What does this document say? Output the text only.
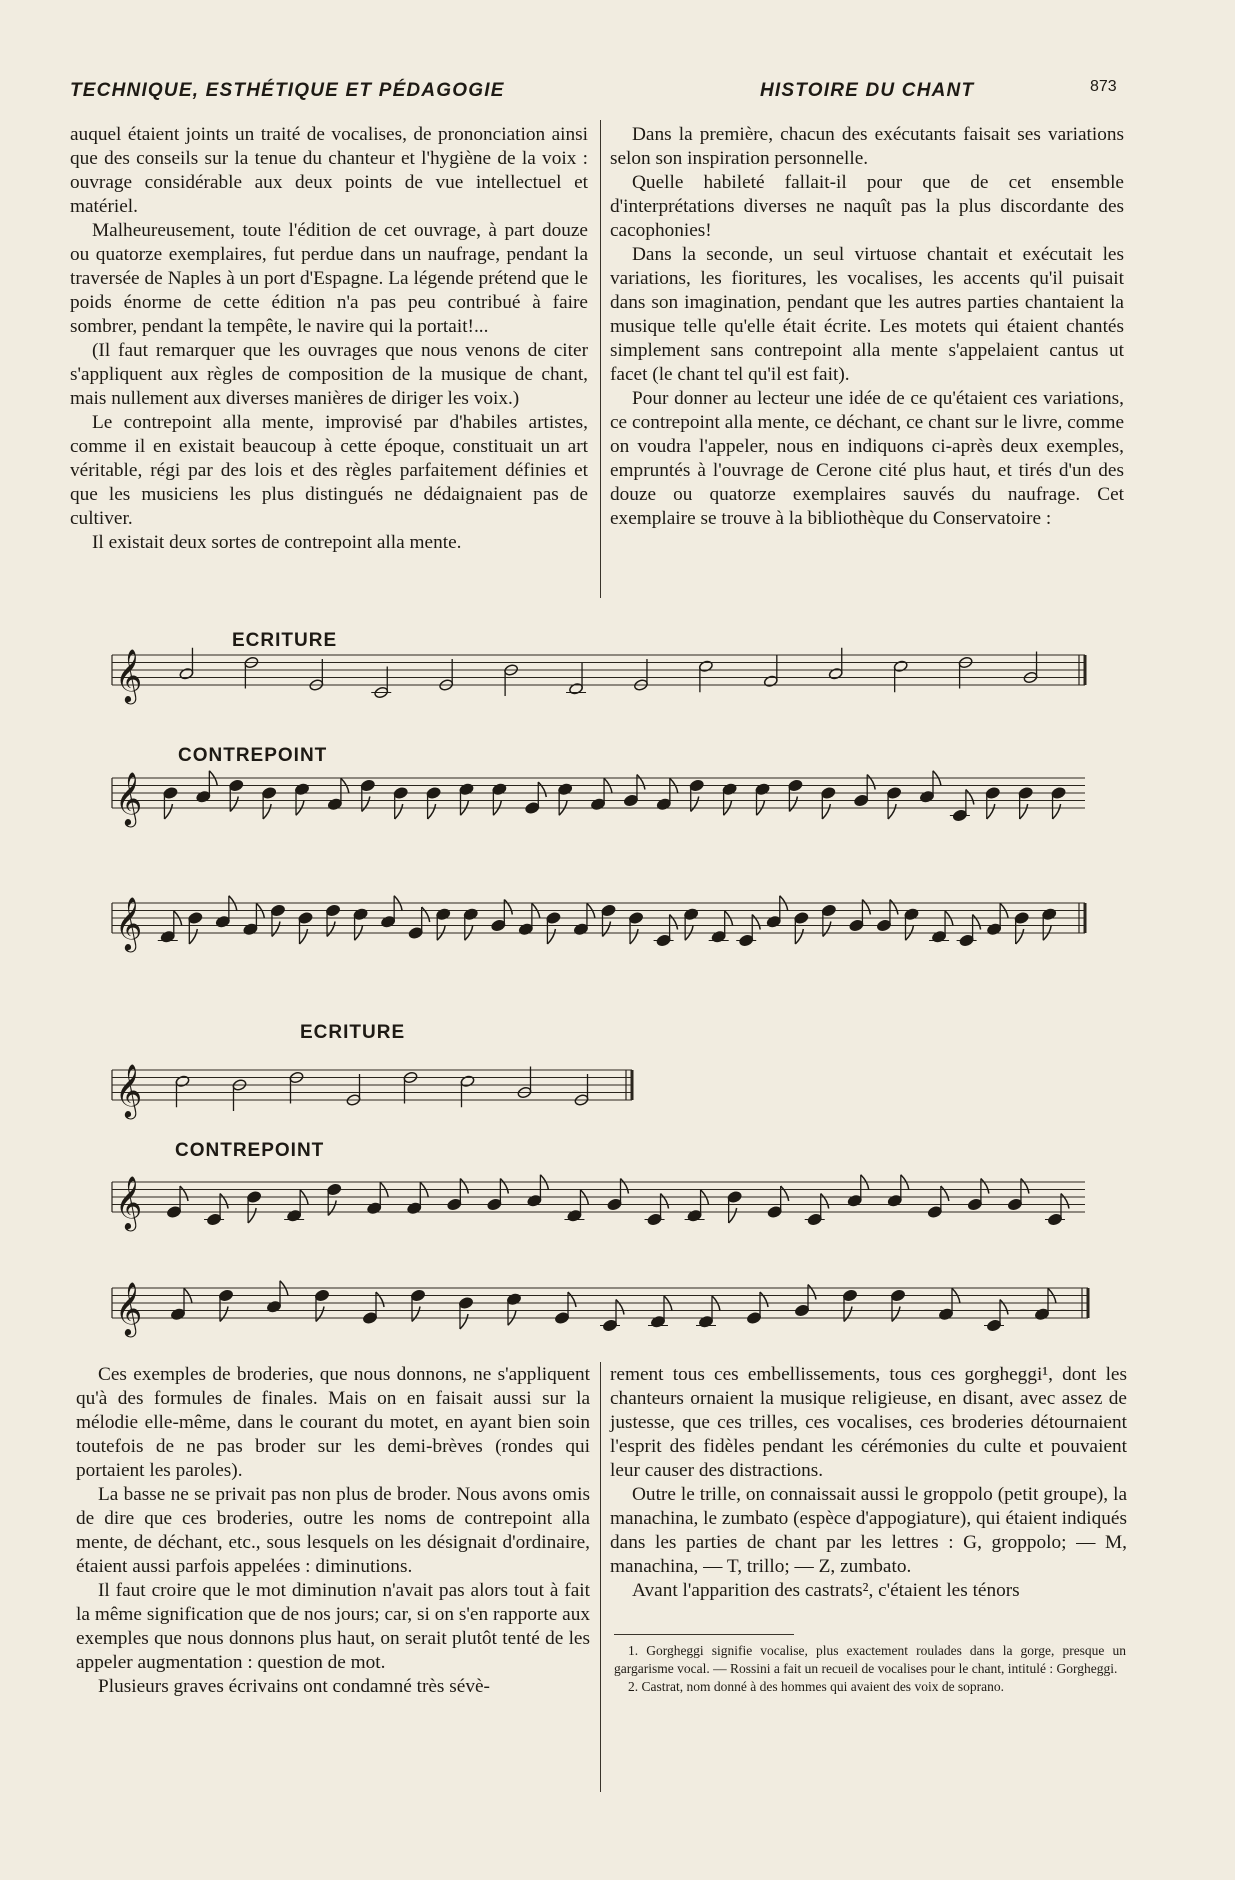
TECHNIQUE, ESTHÉTIQUE ET PÉDAGOGIE	HISTOIRE DU CHANT	873

auquel étaient joints un traité de vocalises, de prononciation ainsi que des conseils sur la tenue du chanteur et l'hygiène de la voix : ouvrage considérable aux deux points de vue intellectuel et matériel.

Malheureusement, toute l'édition de cet ouvrage, à part douze ou quatorze exemplaires, fut perdue dans un naufrage, pendant la traversée de Naples à un port d'Espagne. La légende prétend que le poids énorme de cette édition n'a pas peu contribué à faire sombrer, pendant la tempête, le navire qui la portait!...

(Il faut remarquer que les ouvrages que nous venons de citer s'appliquent aux règles de composition de la musique de chant, mais nullement aux diverses manières de diriger les voix.)

Le contrepoint alla mente, improvisé par d'habiles artistes, comme il en existait beaucoup à cette époque, constituait un art véritable, régi par des lois et des règles parfaitement définies et que les musiciens les plus distingués ne dédaignaient pas de cultiver.

Il existait deux sortes de contrepoint alla mente.

Dans la première, chacun des exécutants faisait ses variations selon son inspiration personnelle.

Quelle habileté fallait-il pour que de cet ensemble d'interprétations diverses ne naquît pas la plus discordante des cacophonies!

Dans la seconde, un seul virtuose chantait et exécutait les variations, les fioritures, les vocalises, les accents qu'il puisait dans son imagination, pendant que les autres parties chantaient la musique telle qu'elle était écrite. Les motets qui étaient chantés simplement sans contrepoint alla mente s'appelaient cantus ut facet (le chant tel qu'il est fait).

Pour donner au lecteur une idée de ce qu'étaient ces variations, ce contrepoint alla mente, ce déchant, ce chant sur le livre, comme on voudra l'appeler, nous en indiquons ci-après deux exemples, empruntés à l'ouvrage de Cerone cité plus haut, et tirés d'un des douze ou quatorze exemplaires sauvés du naufrage. Cet exemplaire se trouve à la bibliothèque du Conservatoire :

ECRITURE
CONTREPOINT
ECRITURE
CONTREPOINT
𝄞
𝄞
𝄞
𝄞
𝄞
𝄞

Ces exemples de broderies, que nous donnons, ne s'appliquent qu'à des formules de finales. Mais on en faisait aussi sur la mélodie elle-même, dans le courant du motet, en ayant bien soin toutefois de ne pas broder sur les demi-brèves (rondes qui portaient les paroles).

La basse ne se privait pas non plus de broder. Nous avons omis de dire que ces broderies, outre les noms de contrepoint alla mente, de déchant, etc., sous lesquels on les désignait d'ordinaire, étaient aussi parfois appelées : diminutions.

Il faut croire que le mot diminution n'avait pas alors tout à fait la même signification que de nos jours; car, si on s'en rapporte aux exemples que nous donnons plus haut, on serait plutôt tenté de les appeler augmentation : question de mot.

Plusieurs graves écrivains ont condamné très sévè-

rement tous ces embellissements, tous ces gorgheggi¹, dont les chanteurs ornaient la musique religieuse, en disant, avec assez de justesse, que ces trilles, ces vocalises, ces broderies détournaient l'esprit des fidèles pendant les cérémonies du culte et pouvaient leur causer des distractions.

Outre le trille, on connaissait aussi le groppolo (petit groupe), la manachina, le zumbato (espèce d'appogiature), qui étaient indiqués dans les parties de chant par les lettres : G, groppolo; — M, manachina, — T, trillo; — Z, zumbato.

Avant l'apparition des castrats², c'étaient les ténors

1. Gorgheggi signifie vocalise, plus exactement roulades dans la gorge, presque un gargarisme vocal. — Rossini a fait un recueil de vocalises pour le chant, intitulé : Gorgheggi.

2. Castrat, nom donné à des hommes qui avaient des voix de soprano.
